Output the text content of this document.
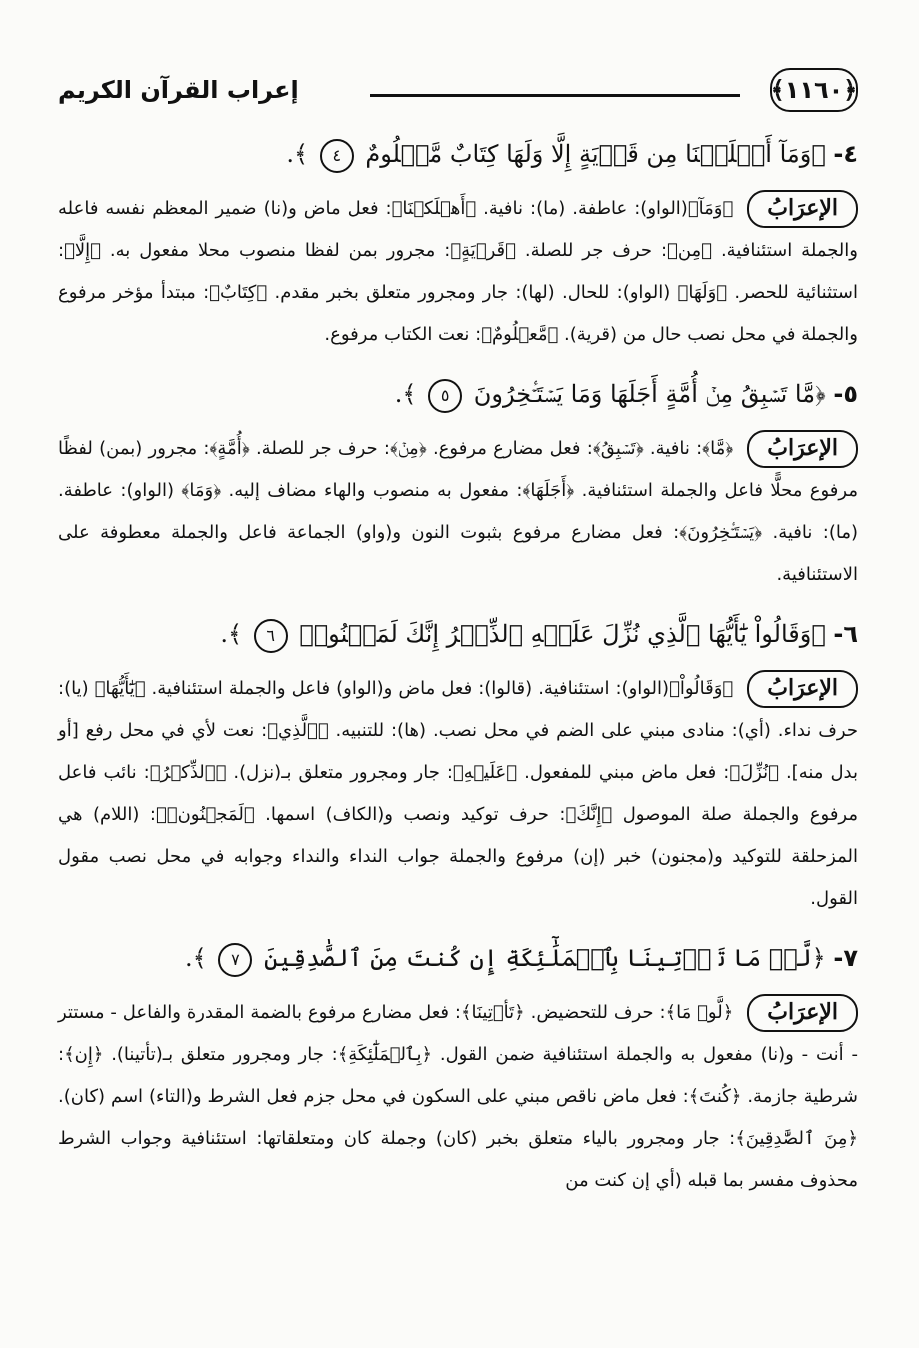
﴿١١٦٠﴾
إعراب القرآن الكريم
٤- ﴿وَمَآ أَهۡلَكۡنَا مِن قَرۡيَةٍ إِلَّا وَلَهَا كِتَابٌ مَّعۡلُومٌ ٤ ﴾.
الإعرَابُ
﴿وَمَآ﴾(الواو): عاطفة. (ما): نافية. ﴿أَهۡلَكۡنَا﴾: فعل ماض و(نا) ضمير المعظم نفسه فاعله والجملة استئنافية. ﴿مِن﴾: حرف جر للصلة. ﴿قَرۡيَةٍ﴾: مجرور بمن لفظا منصوب محلا مفعول به. ﴿إِلَّا﴾: استثنائية للحصر. ﴿وَلَهَا﴾ (الواو): للحال. (لها): جار ومجرور متعلق بخبر مقدم. ﴿كِتَابٌ﴾: مبتدأ مؤخر مرفوع والجملة في محل نصب حال من (قرية). ﴿مَّعۡلُومٌ﴾: نعت الكتاب مرفوع.
٥- ﴿مَّا تَسۡبِقُ مِنۡ أُمَّةٍ أَجَلَهَا وَمَا يَسۡتَـٔۡخِرُونَ ٥ ﴾.
الإعرَابُ
﴿مَّا﴾: نافية. ﴿تَسۡبِقُ﴾: فعل مضارع مرفوع. ﴿مِنۡ﴾: حرف جر للصلة. ﴿أُمَّةٍ﴾: مجرور (بمن) لفظًا مرفوع محلًّا فاعل والجملة استئنافية. ﴿أَجَلَهَا﴾: مفعول به منصوب والهاء مضاف إليه. ﴿وَمَا﴾ (الواو): عاطفة. (ما): نافية. ﴿يَسۡتَـٔۡخِرُونَ﴾: فعل مضارع مرفوع بثبوت النون و(واو) الجماعة فاعل والجملة معطوفة على الاستئنافية.
٦- ﴿وَقَالُواْ يَٰٓأَيُّهَا ٱلَّذِي نُزِّلَ عَلَيۡهِ ٱلذِّكۡرُ إِنَّكَ لَمَجۡنُونٞ ٦ ﴾.
الإعرَابُ
﴿وَقَالُواْ﴾(الواو): استئنافية. (قالوا): فعل ماض و(الواو) فاعل والجملة استئنافية. ﴿يَٰٓأَيُّهَا﴾ (يا): حرف نداء. (أي): منادى مبني على الضم في محل نصب. (ها): للتنبيه. ﴿ٱلَّذِي﴾: نعت لأي في محل رفع [أو بدل منه]. ﴿نُزِّلَ﴾: فعل ماض مبني للمفعول. ﴿عَلَيۡهِ﴾: جار ومجرور متعلق بـ(نزل). ﴿ٱلذِّكۡرُ﴾: نائب فاعل مرفوع والجملة صلة الموصول ﴿إِنَّكَ﴾: حرف توكيد ونصب و(الكاف) اسمها. ﴿لَمَجۡنُونٞ﴾: (اللام) هي المزحلقة للتوكيد و(مجنون) خبر (إن) مرفوع والجملة جواب النداء والنداء وجوابه في محل نصب مقول القول.
٧- ﴿لَّوۡ مَا تَأۡتِينَا بِٱلۡمَلَٰٓئِكَةِ إِن كُنتَ مِنَ ٱلصَّٰدِقِينَ ٧ ﴾.
الإعرَابُ
﴿لَّوۡ مَا﴾: حرف للتحضيض. ﴿تَأۡتِينَا﴾: فعل مضارع مرفوع بالضمة المقدرة والفاعل - مستتر - أنت - و(نا) مفعول به والجملة استئنافية ضمن القول. ﴿بِٱلۡمَلَٰٓئِكَةِ﴾: جار ومجرور متعلق بـ(تأتينا). ﴿إِن﴾: شرطية جازمة. ﴿كُنتَ﴾: فعل ماض ناقص مبني على السكون في محل جزم فعل الشرط و(التاء) اسم (كان). ﴿مِنَ ٱلصَّٰدِقِينَ﴾: جار ومجرور بالياء متعلق بخبر (كان) وجملة كان ومتعلقاتها: استئنافية وجواب الشرط محذوف مفسر بما قبله (أي إن كنت من
